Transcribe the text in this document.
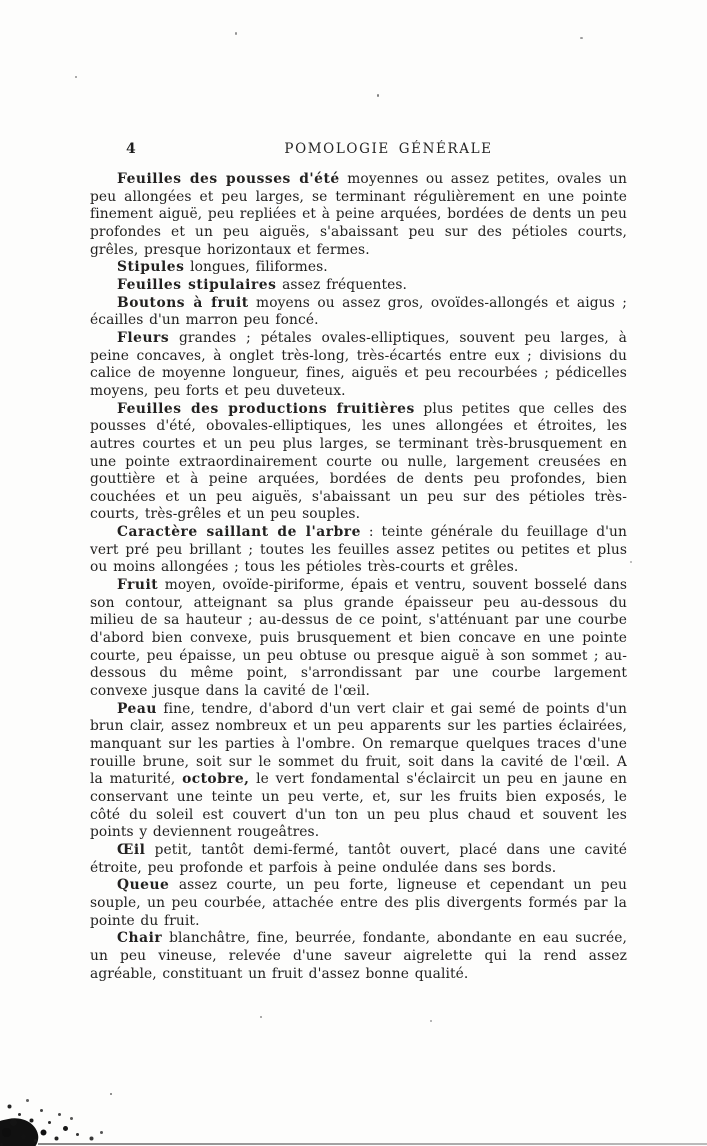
4	POMOLOGIE GÉNÉRALE

Feuilles des pousses d'été moyennes ou assez petites, ovales un peu allongées et peu larges, se terminant régulièrement en une pointe finement aiguë, peu repliées et à peine arquées, bordées de dents un peu profondes et un peu aiguës, s'abaissant peu sur des pétioles courts, grêles, presque horizontaux et fermes.

Stipules longues, filiformes.

Feuilles stipulaires assez fréquentes.

Boutons à fruit moyens ou assez gros, ovoïdes-allongés et aigus ; écailles d'un marron peu foncé.

Fleurs grandes ; pétales ovales-elliptiques, souvent peu larges, à peine concaves, à onglet très-long, très-écartés entre eux ; divisions du calice de moyenne longueur, fines, aiguës et peu recourbées ; pédicelles moyens, peu forts et peu duveteux.

Feuilles des productions fruitières plus petites que celles des pousses d'été, obovales-elliptiques, les unes allongées et étroites, les autres courtes et un peu plus larges, se terminant très-brusquement en une pointe extraordinairement courte ou nulle, largement creusées en gouttière et à peine arquées, bordées de dents peu profondes, bien couchées et un peu aiguës, s'abaissant un peu sur des pétioles très-courts, très-grêles et un peu souples.

Caractère saillant de l'arbre : teinte générale du feuillage d'un vert pré peu brillant ; toutes les feuilles assez petites ou petites et plus ou moins allongées ; tous les pétioles très-courts et grêles.

Fruit moyen, ovoïde-piriforme, épais et ventru, souvent bosselé dans son contour, atteignant sa plus grande épaisseur peu au-dessous du milieu de sa hauteur ; au-dessus de ce point, s'atténuant par une courbe d'abord bien convexe, puis brusquement et bien concave en une pointe courte, peu épaisse, un peu obtuse ou presque aiguë à son sommet ; au-dessous du même point, s'arrondissant par une courbe largement convexe jusque dans la cavité de l'œil.

Peau fine, tendre, d'abord d'un vert clair et gai semé de points d'un brun clair, assez nombreux et un peu apparents sur les parties éclairées, manquant sur les parties à l'ombre. On remarque quelques traces d'une rouille brune, soit sur le sommet du fruit, soit dans la cavité de l'œil. A la maturité, octobre, le vert fondamental s'éclaircit un peu en jaune en conservant une teinte un peu verte, et, sur les fruits bien exposés, le côté du soleil est couvert d'un ton un peu plus chaud et souvent les points y deviennent rougeâtres.

Œil petit, tantôt demi-fermé, tantôt ouvert, placé dans une cavité étroite, peu profonde et parfois à peine ondulée dans ses bords.

Queue assez courte, un peu forte, ligneuse et cependant un peu souple, un peu courbée, attachée entre des plis divergents formés par la pointe du fruit.

Chair blanchâtre, fine, beurrée, fondante, abondante en eau sucrée, un peu vineuse, relevée d'une saveur aigrelette qui la rend assez agréable, constituant un fruit d'assez bonne qualité.
